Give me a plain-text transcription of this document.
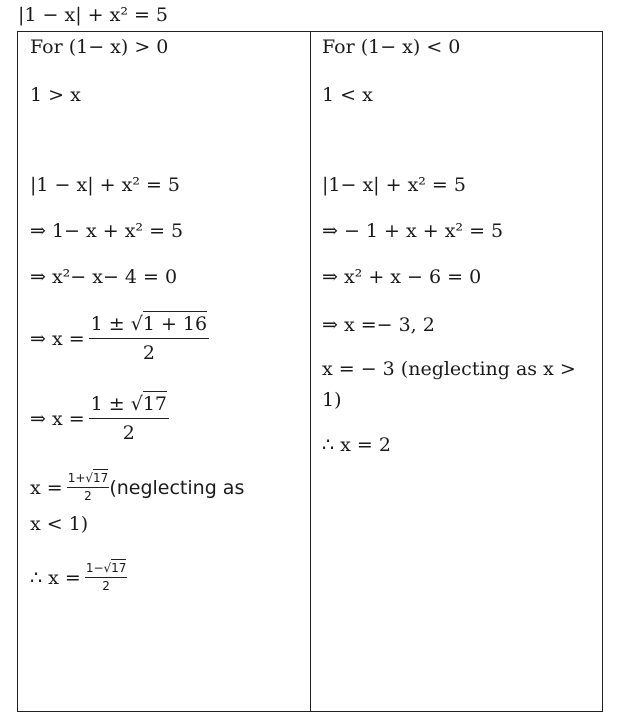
|1 − x| + x² = 5
For (1− x) > 0
1 > x
|1 − x| + x² = 5
⇒ 1− x + x² = 5
⇒ x²− x− 4 = 0
⇒ $x = \frac{1 \pm √1 + 16}{2}$
⇒ $x = \frac{1 \pm √17}{2}$
$x = \frac{1+√17}{2}$ (neglecting as
x < 1)
∴ $x = \frac{1-√17}{2}$
For (1− x) < 0
1 < x
|1− x| + x² = 5
⇒ − 1 + x + x² = 5
⇒ x² + x − 6 = 0
⇒ x =− 3, 2
x = − 3 (neglecting as x >
1)
∴ x = 2
